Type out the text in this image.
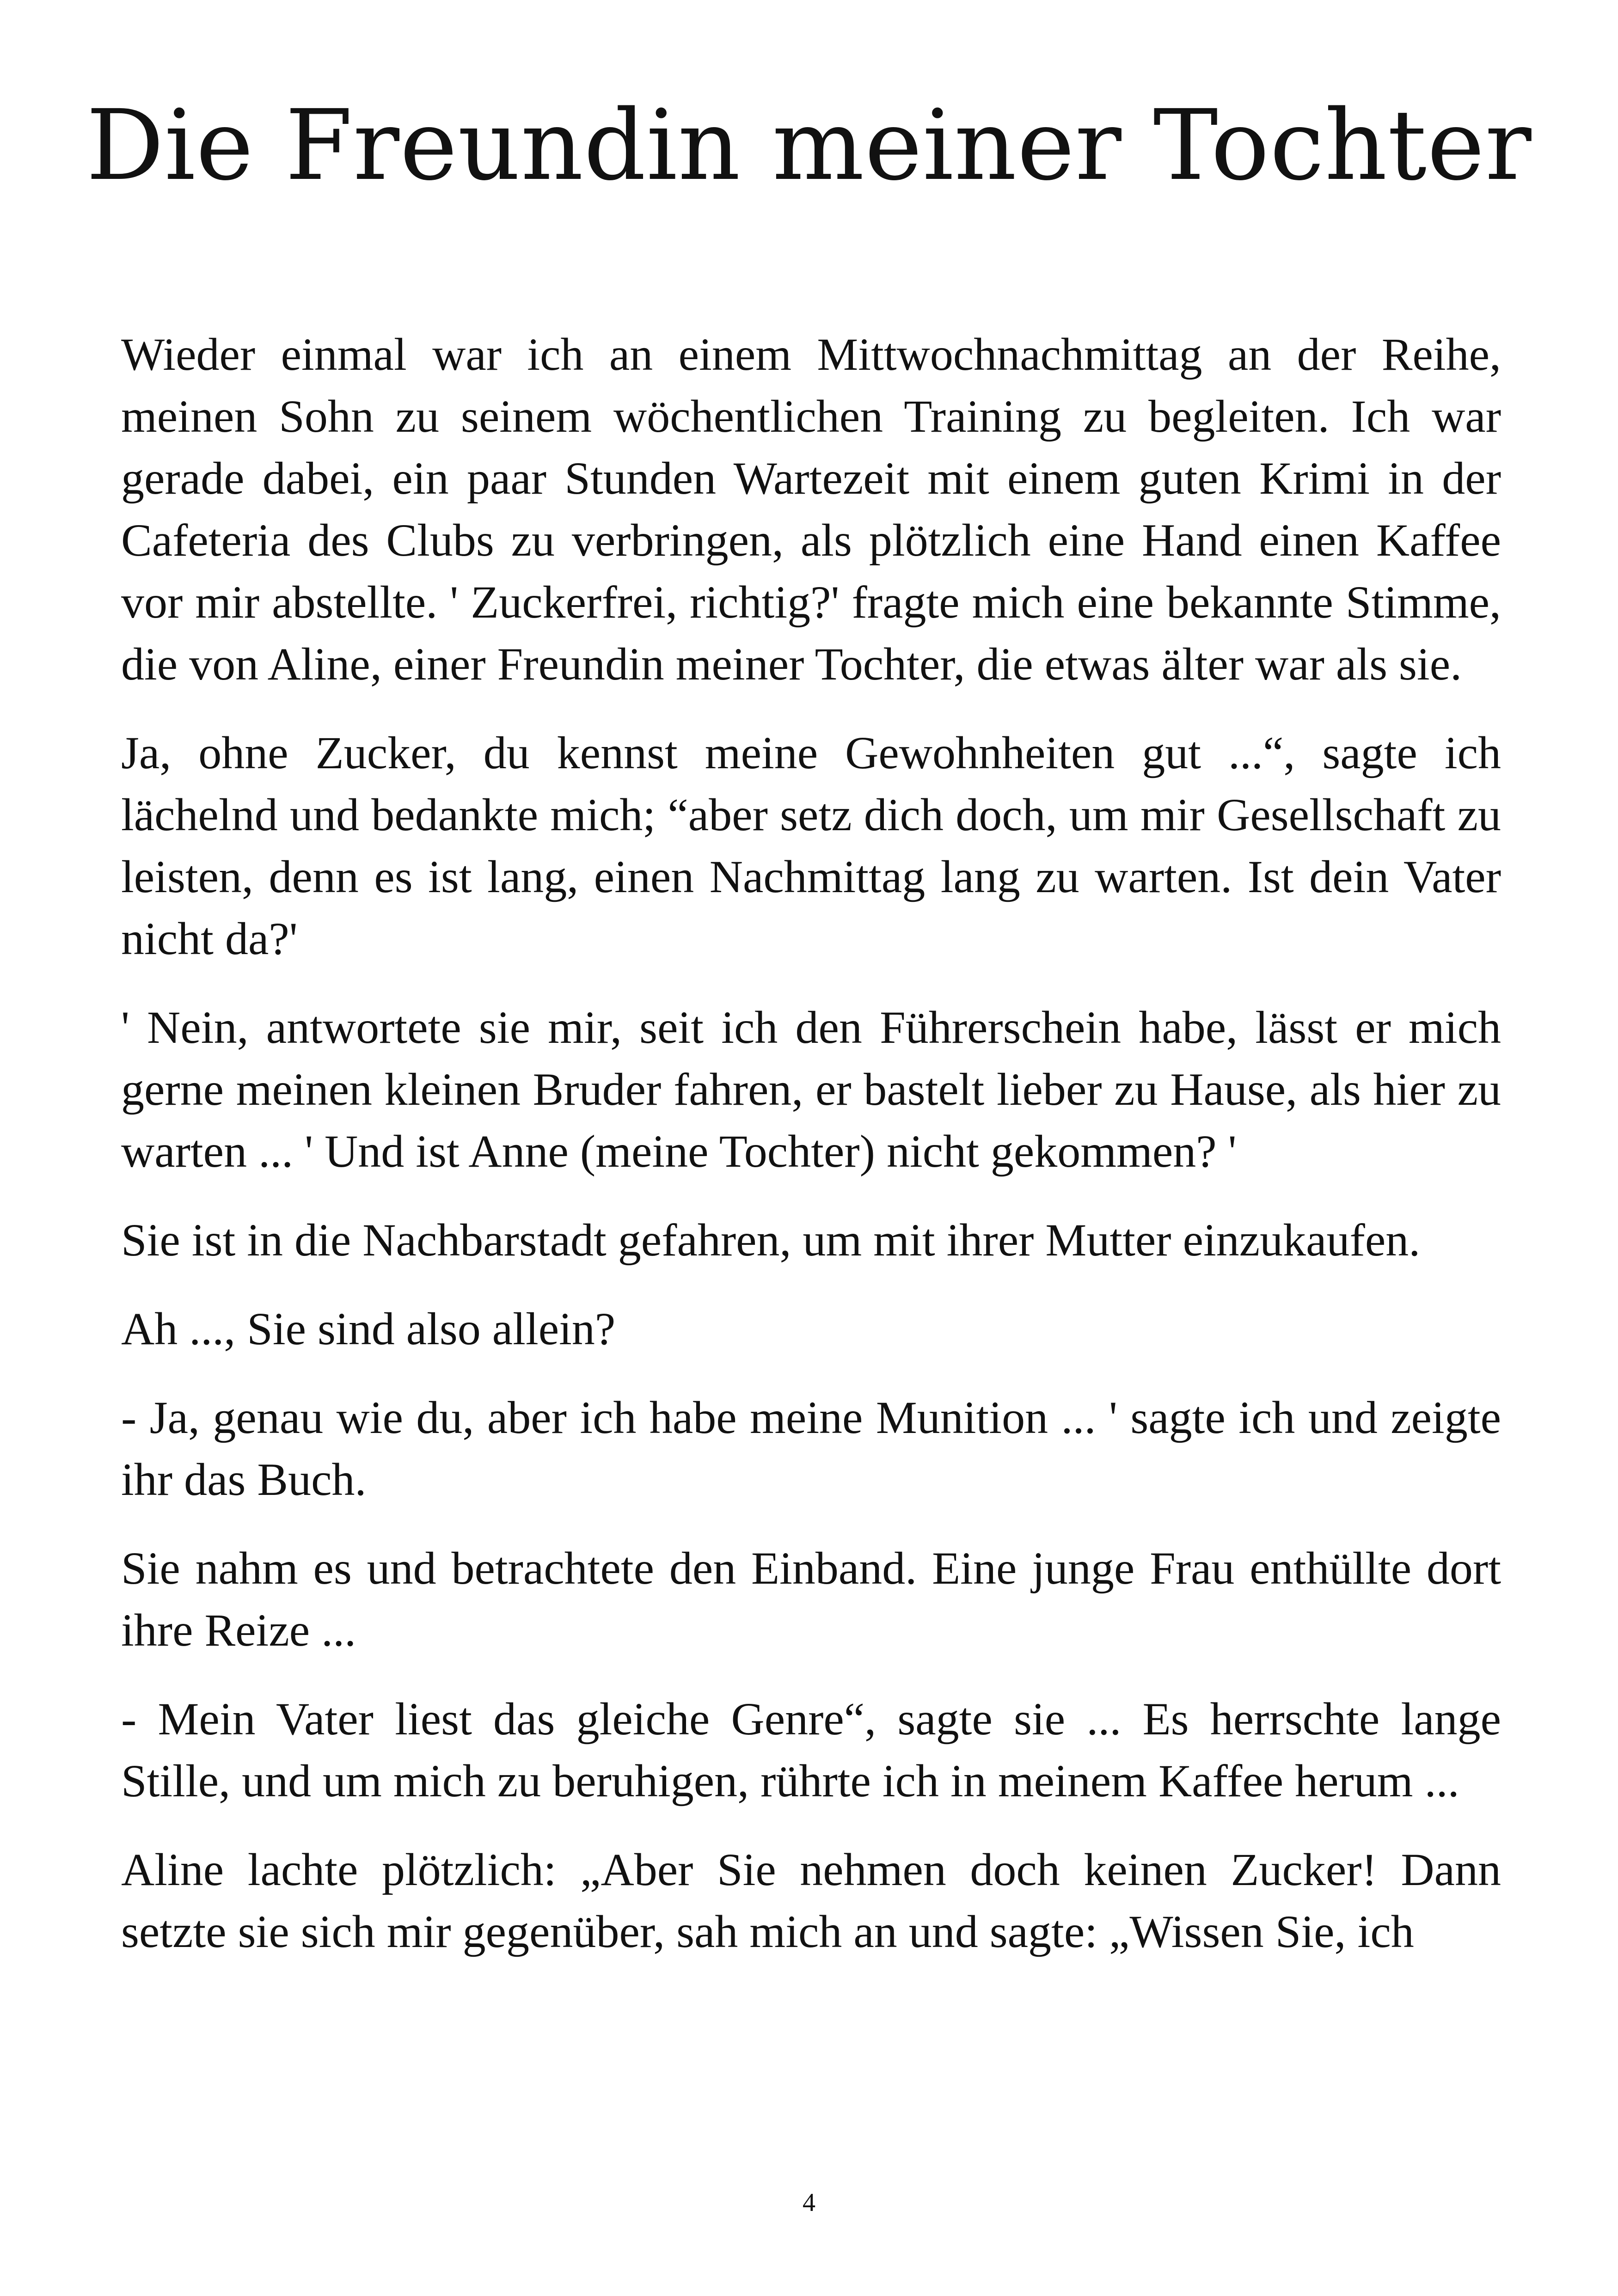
Die Freundin meiner Tochter

Wieder einmal war ich an einem Mittwochnachmittag an der Reihe, meinen Sohn zu seinem wöchentlichen Training zu begleiten. Ich war gerade dabei, ein paar Stunden Wartezeit mit einem guten Krimi in der Cafeteria des Clubs zu verbringen, als plötzlich eine Hand einen Kaffee vor mir abstellte. ' Zuckerfrei, richtig?' fragte mich eine bekannte Stimme, die von Aline, einer Freundin meiner Tochter, die etwas älter war als sie.

Ja, ohne Zucker, du kennst meine Gewohnheiten gut ...“, sagte ich lächelnd und bedankte mich; “aber setz dich doch, um mir Gesellschaft zu leisten, denn es ist lang, einen Nachmittag lang zu warten. Ist dein Vater nicht da?'

' Nein, antwortete sie mir, seit ich den Führerschein habe, lässt er mich gerne meinen kleinen Bruder fahren, er bastelt lieber zu Hause, als hier zu warten ... ' Und ist Anne (meine Tochter) nicht gekommen? '

Sie ist in die Nachbarstadt gefahren, um mit ihrer Mutter einzukaufen.

Ah ..., Sie sind also allein?

- Ja, genau wie du, aber ich habe meine Munition ... ' sagte ich und zeigte ihr das Buch.

Sie nahm es und betrachtete den Einband. Eine junge Frau enthüllte dort ihre Reize ...

- Mein Vater liest das gleiche Genre“, sagte sie ... Es herrschte lange Stille, und um mich zu beruhigen, rührte ich in meinem Kaffee herum ...

Aline lachte plötzlich: „Aber Sie nehmen doch keinen Zucker! Dann setzte sie sich mir gegenüber, sah mich an und sagte: „Wissen Sie, ich

4
